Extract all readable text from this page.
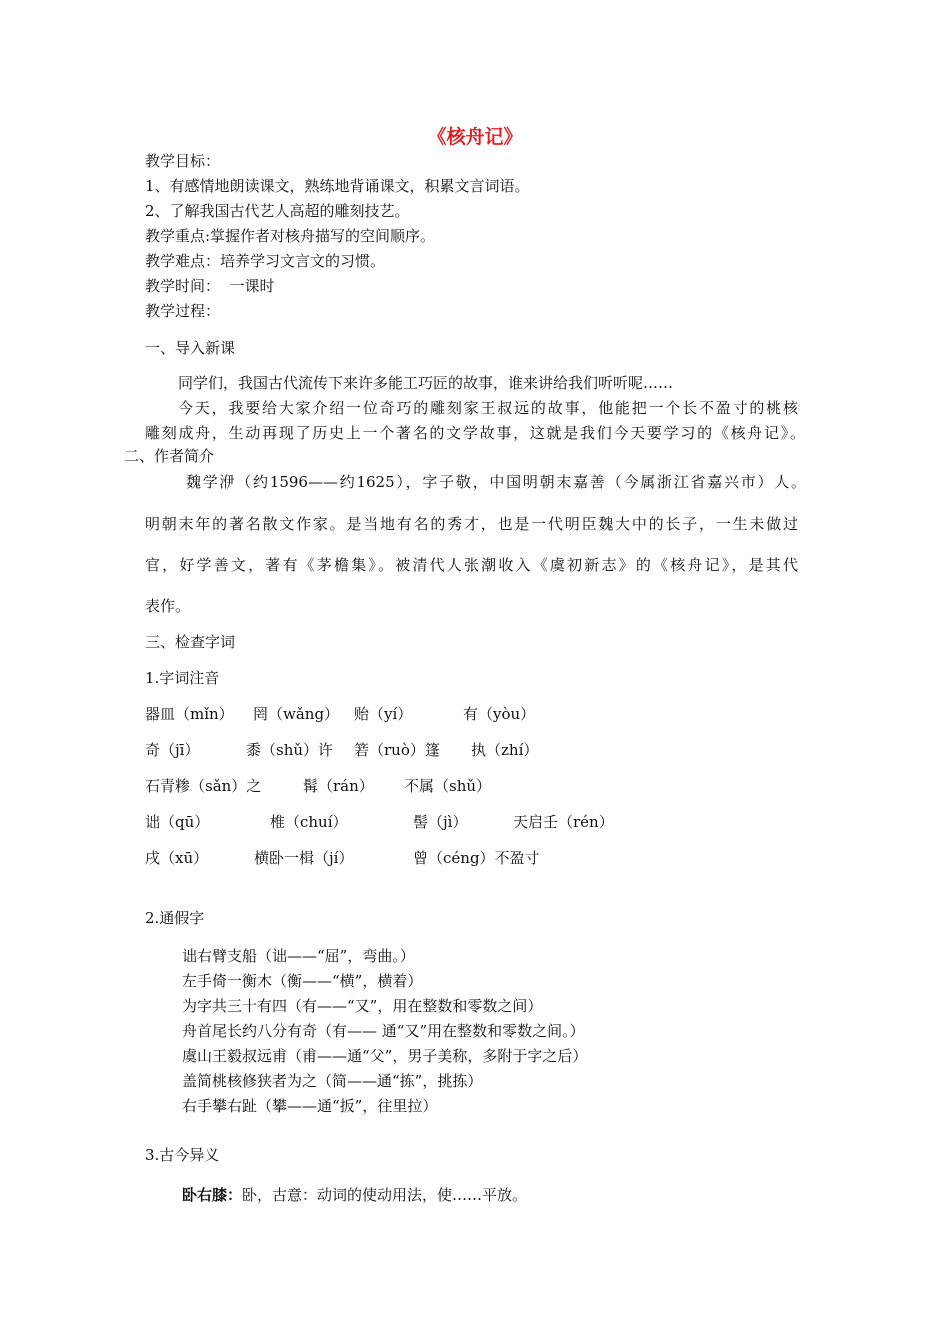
《核舟记》
教学目标：
1、有感情地朗读课文，熟练地背诵课文，积累文言词语。
2、了解我国古代艺人高超的雕刻技艺。
教学重点:掌握作者对核舟描写的空间顺序。
教学难点：培养学习文言文的习惯。
教学时间：  一课时
教学过程：
一、导入新课
同学们，我国古代流传下来许多能工巧匠的故事，谁来讲给我们听听呢……
今天，我要给大家介绍一位奇巧的雕刻家王叔远的故事，他能把一个长不盈寸的桃核
雕刻成舟，生动再现了历史上一个著名的文学故事，这就是我们今天要学习的《核舟记》。
二、作者简介
魏学洢（约1596——约1625），字子敬，中国明朝末嘉善（今属浙江省嘉兴市）人。
明朝末年的著名散文作家。是当地有名的秀才，也是一代明臣魏大中的长子，一生未做过
官，好学善文，著有《茅檐集》。被清代人张潮收入《虞初新志》的《核舟记》，是其代
表作。
三、检查字词
1.字词注音
器皿（mǐn） 罔（wǎng） 贻（yí）	有（yòu）
奇（jī）	黍（shǔ）许 箬（ruò）篷 执（zhí）
石青糁（sǎn）之	髯（rán） 不属（shǔ）
诎（qū）	椎（chuí）	髻（jì）	天启壬（rén）
戌（xū）	横卧一楫（jí）	曾（céng）不盈寸
2.通假字
诎右臂支船（诎——“屈”，弯曲。）
左手倚一衡木（衡——“横”，横着）
为字共三十有四（有——“又”，用在整数和零数之间）
舟首尾长约八分有奇（有—— 通“又”用在整数和零数之间。）
虞山王毅叔远甫（甫——通“父”，男子美称，多附于字之后）
盖简桃核修狭者为之（简——通“拣”，挑拣）
右手攀右趾（攀——通“扳”，往里拉）
3.古今异义
卧右膝：卧，古意：动词的使动用法，使……平放。
